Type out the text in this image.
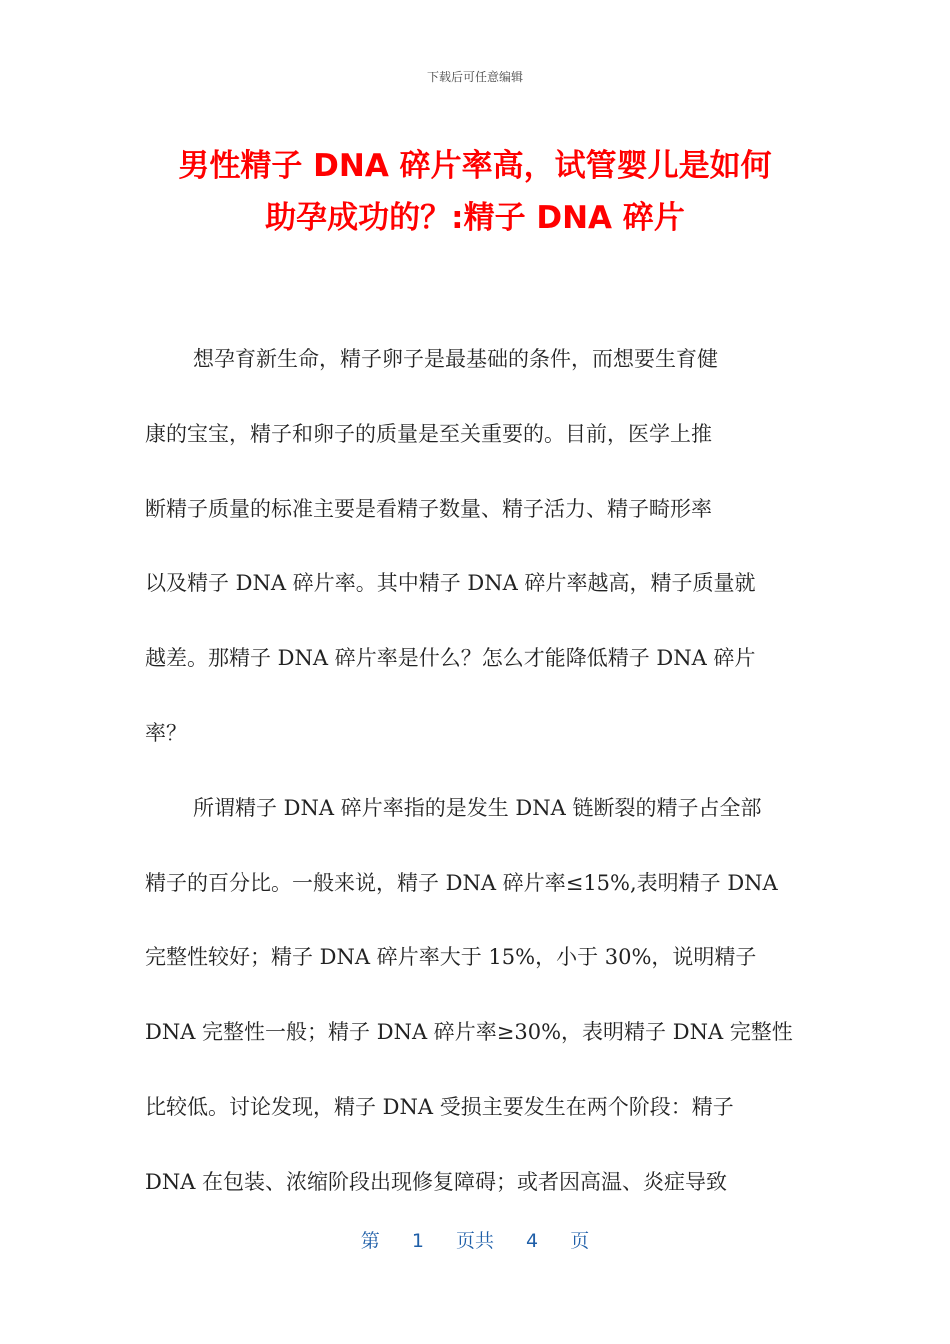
下载后可任意编辑
男性精子 DNA 碎片率高，试管婴儿是如何
助孕成功的？:精子 DNA 碎片
想孕育新生命，精子卵子是最基础的条件，而想要生育健
康的宝宝，精子和卵子的质量是至关重要的。目前，医学上推
断精子质量的标准主要是看精子数量、精子活力、精子畸形率
以及精子 DNA 碎片率。其中精子 DNA 碎片率越高，精子质量就
越差。那精子 DNA 碎片率是什么？怎么才能降低精子 DNA 碎片
率？
所谓精子 DNA 碎片率指的是发生 DNA 链断裂的精子占全部
精子的百分比。一般来说，精子 DNA 碎片率≤15%,表明精子 DNA
完整性较好；精子 DNA 碎片率大于 15%，小于 30%，说明精子
DNA 完整性一般；精子 DNA 碎片率≥30%，表明精子 DNA 完整性
比较低。讨论发现，精子 DNA 受损主要发生在两个阶段：精子
DNA 在包装、浓缩阶段出现修复障碍；或者因高温、炎症导致
第 1 页共 4 页
